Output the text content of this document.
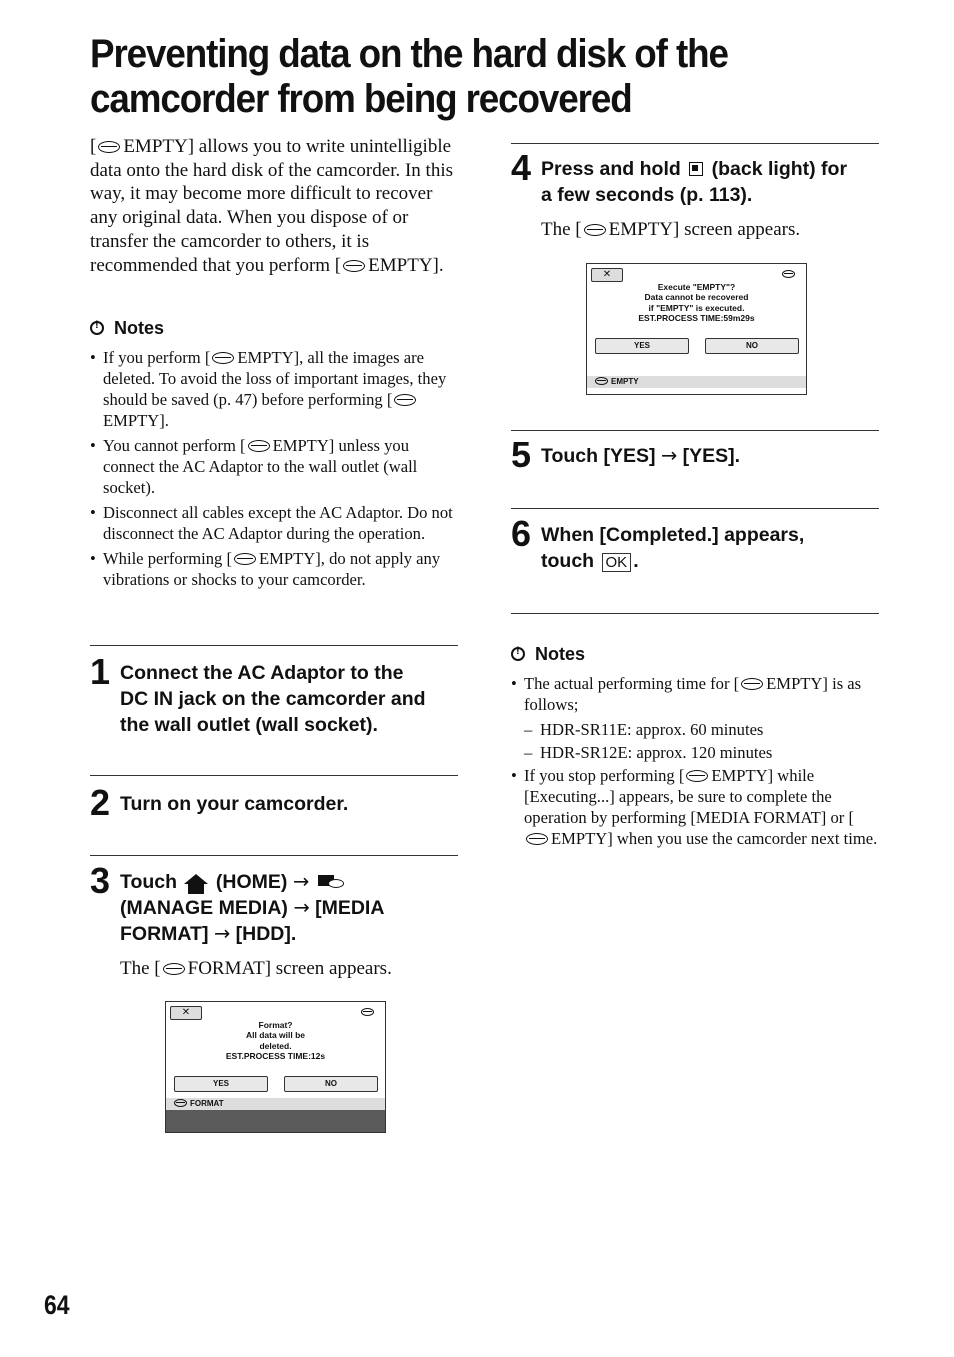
Preventing data on the hard disk of the
camcorder from being recovered
[ EMPTY] allows you to write unintelligible data onto the hard disk of the camcorder. In this way, it may become more difficult to recover any original data. When you dispose of or transfer the camcorder to others, it is recommended that you perform [ EMPTY].
!Notes
• If you perform [ EMPTY], all the images are deleted. To avoid the loss of important images, they should be saved (p. 47) before performing [EMPTY].
• You cannot perform [ EMPTY] unless you connect the AC Adaptor to the wall outlet (wall socket).
• Disconnect all cables except the AC Adaptor. Do not disconnect the AC Adaptor during the operation.
• While performing [ EMPTY], do not apply any vibrations or shocks to your camcorder.
1 Connect the AC Adaptor to the
DC IN jack on the camcorder and
the wall outlet (wall socket).
2 Turn on your camcorder.
3 Touch (HOME) →
(MANAGE MEDIA) → [MEDIA
FORMAT] → [HDD].
The [ FORMAT] screen appears.
✕
Format?
All data will be
deleted.
EST.PROCESS TIME:12s
YES	NO
FORMAT
4 Press and hold (back light) for
a few seconds (p. 113).
The [ EMPTY] screen appears.
✕
Execute "EMPTY"?
Data cannot be recovered
if "EMPTY" is executed.
EST.PROCESS TIME:59m29s
YES	NO
EMPTY
5 Touch [YES] → [YES].
6 When [Completed.] appears,
touch OK .
!Notes
• The actual performing time for [ EMPTY] is as follows;
– HDR-SR11E: approx. 60 minutes
– HDR-SR12E: approx. 120 minutes
• If you stop performing [ EMPTY] while [Executing...] appears, be sure to complete the operation by performing [MEDIA FORMAT] or [EMPTY] when you use the camcorder next time.
64
